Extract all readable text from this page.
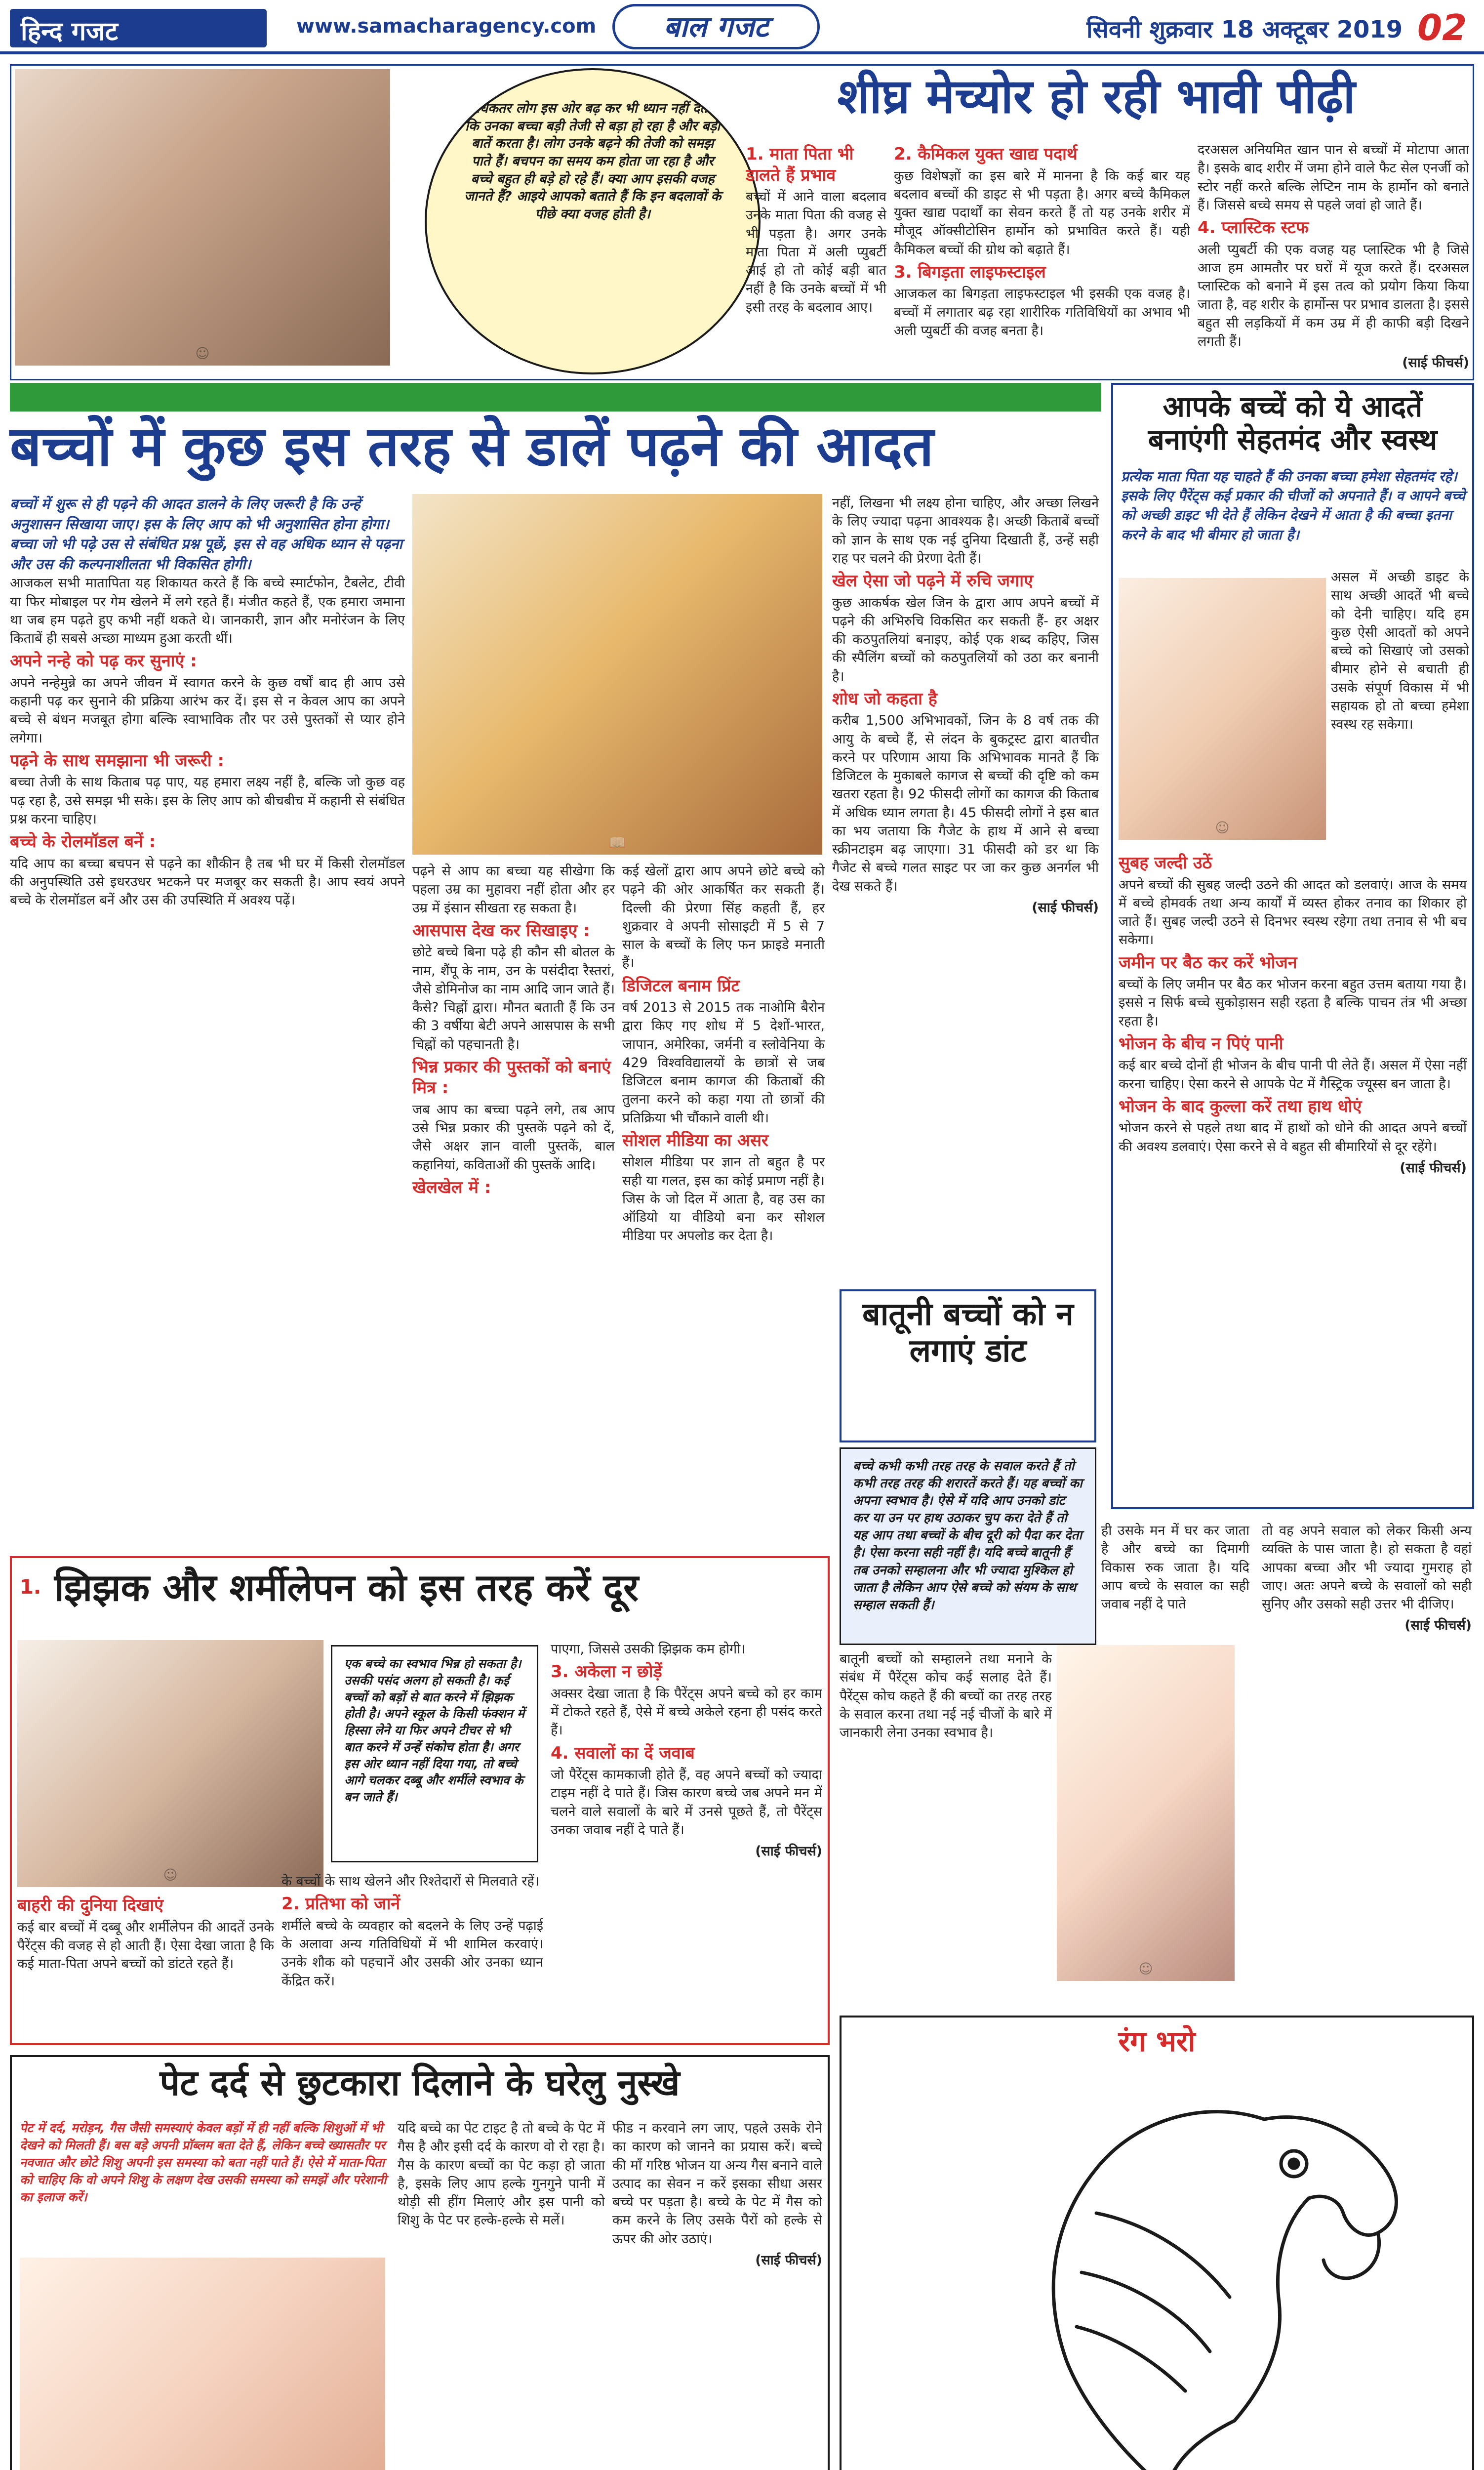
हिन्द गजट	www.samacharagency.com	बाल गजट	सिवनी शुक्रवार 18 अक्टूबर 2019 02
☺
अधिकतर लोग इस ओर बढ़ कर भी ध्यान नहीं देते हैं कि उनका बच्चा बड़ी तेजी से बड़ा हो रहा है और बड़ी बातें करता है। लोग उनके बढ़ने की तेजी को समझ पाते हैं। बचपन का समय कम होता जा रहा है और बच्चे बहुत ही बड़े हो रहे हैं। क्या आप इसकी वजह जानते हैं? आइये आपको बताते हैं कि इन बदलावों के पीछे क्या वजह होती है।
शीघ्र मेच्योर हो रही भावी पीढ़ी
1. माता पिता भी डालते हैं प्रभाव
बच्चों में आने वाला बदलाव उनके माता पिता की वजह से भी पड़ता है। अगर उनके माता पिता में अली प्युबर्टी आई हो तो कोई बड़ी बात नहीं है कि उनके बच्चों में भी इसी तरह के बदलाव आए।
2. कैमिकल युक्त खाद्य पदार्थ
कुछ विशेषज्ञों का इस बारे में मानना है कि कई बार यह बदलाव बच्चों की डाइट से भी पड़ता है। अगर बच्चे कैमिकल युक्त खाद्य पदार्थों का सेवन करते हैं तो यह उनके शरीर में मौजूद ऑक्सीटोसिन हार्मोन को प्रभावित करते हैं। यही कैमिकल बच्चों की ग्रोथ को बढ़ाते हैं।
3. बिगड़ता लाइफस्टाइल
आजकल का बिगड़ता लाइफस्टाइल भी इसकी एक वजह है। बच्चों में लगातार बढ़ रहा शारीरिक गतिविधियों का अभाव भी अली प्युबर्टी की वजह बनता है।
दरअसल अनियमित खान पान से बच्चों में मोटापा आता है। इसके बाद शरीर में जमा होने वाले फैट सेल एनर्जी को स्टोर नहीं करते बल्कि लेप्टिन नाम के हार्मोन को बनाते हैं। जिससे बच्चे समय से पहले जवां हो जाते हैं।
4. प्लास्टिक स्टफ
अली प्युबर्टी की एक वजह यह प्लास्टिक भी है जिसे आज हम आमतौर पर घरों में यूज करते हैं। दरअसल प्लास्टिक को बनाने में इस तत्व को प्रयोग किया किया जाता है, वह शरीर के हार्मोन्स पर प्रभाव डालता है। इससे बहुत सी लड़कियों में कम उम्र में ही काफी बड़ी दिखने लगती हैं।
(साई फीचर्स)
बच्चों में कुछ इस तरह से डालें पढ़ने की आदत
बच्चों में शुरू से ही पढ़ने की आदत डालने के लिए जरूरी है कि उन्हें अनुशासन सिखाया जाए। इस के लिए आप को भी अनुशासित होना होगा। बच्चा जो भी पढ़े उस से संबंधित प्रश्न पूछें, इस से वह अधिक ध्यान से पढ़ना और उस की कल्पनाशीलता भी विकसित होगी।
आजकल सभी मातापिता यह शिकायत करते हैं कि बच्चे स्मार्टफोन, टैबलेट, टीवी या फिर मोबाइल पर गेम खेलने में लगे रहते हैं। मंजीत कहते हैं, एक हमारा जमाना था जब हम पढ़ते हुए कभी नहीं थकते थे। जानकारी, ज्ञान और मनोरंजन के लिए किताबें ही सबसे अच्छा माध्यम हुआ करती थीं।
अपने नन्हे को पढ़ कर सुनाएं :
अपने नन्हेमुन्ने का अपने जीवन में स्वागत करने के कुछ वर्षों बाद ही आप उसे कहानी पढ़ कर सुनाने की प्रक्रिया आरंभ कर दें। इस से न केवल आप का अपने बच्चे से बंधन मजबूत होगा बल्कि स्वाभाविक तौर पर उसे पुस्तकों से प्यार होने लगेगा।
पढ़ने के साथ समझाना भी जरूरी :
बच्चा तेजी के साथ किताब पढ़ पाए, यह हमारा लक्ष्य नहीं है, बल्कि जो कुछ वह पढ़ रहा है, उसे समझ भी सके। इस के लिए आप को बीचबीच में कहानी से संबंधित प्रश्न करना चाहिए।
बच्चे के रोलमॉडल बनें :
यदि आप का बच्चा बचपन से पढ़ने का शौकीन है तब भी घर में किसी रोलमॉडल की अनुपस्थिति उसे इधरउधर भटकने पर मजबूर कर सकती है। आप स्वयं अपने बच्चे के रोलमॉडल बनें और उस की उपस्थिति में अवश्य पढ़ें।
📖
पढ़ने से आप का बच्चा यह सीखेगा कि पहला उम्र का मुहावरा नहीं होता और हर उम्र में इंसान सीखता रह सकता है।
आसपास देख कर सिखाइए :
छोटे बच्चे बिना पढ़े ही कौन सी बोतल के नाम, शैंपू के नाम, उन के पसंदीदा रैस्तरां, जैसे डोमिनोज का नाम आदि जान जाते हैं। कैसे? चिह्नों द्वारा। मौनत बताती हैं कि उन की 3 वर्षीया बेटी अपने आसपास के सभी चिह्नों को पहचानती है।
भिन्न प्रकार की पुस्तकों को बनाएं मित्र :
जब आप का बच्चा पढ़ने लगे, तब आप उसे भिन्न प्रकार की पुस्तकें पढ़ने को दें, जैसे अक्षर ज्ञान वाली पुस्तकें, बाल कहानियां, कविताओं की पुस्तकें आदि।
खेलखेल में :
कई खेलों द्वारा आप अपने छोटे बच्चे को पढ़ने की ओर आकर्षित कर सकती हैं। दिल्ली की प्रेरणा सिंह कहती हैं, हर शुक्रवार वे अपनी सोसाइटी में 5 से 7 साल के बच्चों के लिए फन फ्राइडे मनाती हैं।
डिजिटल बनाम प्रिंट
वर्ष 2013 से 2015 तक नाओमि बैरोन द्वारा किए गए शोध में 5 देशों-भारत, जापान, अमेरिका, जर्मनी व स्लोवेनिया के 429 विश्वविद्यालयों के छात्रों से जब डिजिटल बनाम कागज की किताबों की तुलना करने को कहा गया तो छात्रों की प्रतिक्रिया भी चौंकाने वाली थी।
सोशल मीडिया का असर
सोशल मीडिया पर ज्ञान तो बहुत है पर सही या गलत, इस का कोई प्रमाण नहीं है। जिस के जो दिल में आता है, वह उस का ऑडियो या वीडियो बना कर सोशल मीडिया पर अपलोड कर देता है।
नहीं, लिखना भी लक्ष्य होना चाहिए, और अच्छा लिखने के लिए ज्यादा पढ़ना आवश्यक है। अच्छी किताबें बच्चों को ज्ञान के साथ एक नई दुनिया दिखाती हैं, उन्हें सही राह पर चलने की प्रेरणा देती हैं।
खेल ऐसा जो पढ़ने में रुचि जगाए
कुछ आकर्षक खेल जिन के द्वारा आप अपने बच्चों में पढ़ने की अभिरुचि विकसित कर सकती हैं- हर अक्षर की कठपुतलियां बनाइए, कोई एक शब्द कहिए, जिस की स्पैलिंग बच्चों को कठपुतलियों को उठा कर बनानी है।
शोध जो कहता है
करीब 1,500 अभिभावकों, जिन के 8 वर्ष तक की आयु के बच्चे हैं, से लंदन के बुकट्रस्ट द्वारा बातचीत करने पर परिणाम आया कि अभिभावक मानते हैं कि डिजिटल के मुकाबले कागज से बच्चों की दृष्टि को कम खतरा रहता है। 92 फीसदी लोगों का कागज की किताब में अधिक ध्यान लगता है। 45 फीसदी लोगों ने इस बात का भय जताया कि गैजेट के हाथ में आने से बच्चा स्क्रीनटाइम बढ़ जाएगा। 31 फीसदी को डर था कि गैजेट से बच्चे गलत साइट पर जा कर कुछ अनर्गल भी देख सकते हैं।
(साई फीचर्स)
आपके बच्चें को ये आदतें बनाएंगी सेहतमंद और स्वस्थ
प्रत्येक माता पिता यह चाहते हैं की उनका बच्चा हमेशा सेहतमंद रहे। इसके लिए पैरेंट्स कई प्रकार की चीजों को अपनाते हैं। व आपने बच्चे को अच्छी डाइट भी देते हैं लेकिन देखने में आता है की बच्चा इतना करने के बाद भी बीमार हो जाता है।
☺
असल में अच्छी डाइट के साथ अच्छी आदतें भी बच्चे को देनी चाहिए। यदि हम कुछ ऐसी आदतों को अपने बच्चे को सिखाएं जो उसको बीमार होने से बचाती ही उसके संपूर्ण विकास में भी सहायक हो तो बच्चा हमेशा स्वस्थ रह सकेगा।
सुबह जल्दी उठें
अपने बच्चों की सुबह जल्दी उठने की आदत को डलवाएं। आज के समय में बच्चे होमवर्क तथा अन्य कार्यों में व्यस्त होकर तनाव का शिकार हो जाते हैं। सुबह जल्दी उठने से दिनभर स्वस्थ रहेगा तथा तनाव से भी बच सकेगा।
जमीन पर बैठ कर करें भोजन
बच्चों के लिए जमीन पर बैठ कर भोजन करना बहुत उत्तम बताया गया है। इससे न सिर्फ बच्चे सुकोड़ासन सही रहता है बल्कि पाचन तंत्र भी अच्छा रहता है।
भोजन के बीच न पिएं पानी
कई बार बच्चे दोनों ही भोजन के बीच पानी पी लेते हैं। असल में ऐसा नहीं करना चाहिए। ऐसा करने से आपके पेट में गैस्ट्रिक ज्यूस्स बन जाता है।
भोजन के बाद कुल्ला करें तथा हाथ धोएं
भोजन करने से पहले तथा बाद में हाथों को धोने की आदत अपने बच्चों की अवश्य डलवाएं। ऐसा करने से वे बहुत सी बीमारियों से दूर रहेंगे।
(साई फीचर्स)
बातूनी बच्चों को न लगाएं डांट
बच्चे कभी कभी तरह तरह के सवाल करते हैं तो कभी तरह तरह की शरारतें करते हैं। यह बच्चों का अपना स्वभाव है। ऐसे में यदि आप उनको डांट कर या उन पर हाथ उठाकर चुप करा देते हैं तो यह आप तथा बच्चों के बीच दूरी को पैदा कर देता है। ऐसा करना सही नहीं है। यदि बच्चे बातूनी हैं तब उनको सम्हालना और भी ज्यादा मुश्किल हो जाता है लेकिन आप ऐसे बच्चे को संयम के साथ सम्हाल सकती हैं।
बातूनी बच्चों को सम्हालने तथा मनाने के संबंध में पैरेंट्स कोच कई सलाह देते हैं। पैरेंट्स कोच कहते हैं की बच्चों का तरह तरह के सवाल करना तथा नई नई चीजों के बारे में जानकारी लेना उनका स्वभाव है।
☺
ही उसके मन में घर कर जाता है और बच्चे का दिमागी विकास रुक जाता है। यदि आप बच्चे के सवाल का सही जवाब नहीं दे पाते
तो वह अपने सवाल को लेकर किसी अन्य व्यक्ति के पास जाता है। हो सकता है वहां आपका बच्चा और भी ज्यादा गुमराह हो जाए। अतः अपने बच्चे के सवालों को सही सुनिए और उसको सही उत्तर भी दीजिए।
(साई फीचर्स)
1. झिझक और शर्मीलेपन को इस तरह करें दूर
☺
एक बच्चे का स्वभाव भिन्न हो सकता है। उसकी पसंद अलग हो सकती है। कई बच्चों को बड़ों से बात करने में झिझक होती है। अपने स्कूल के किसी फंक्शन में हिस्सा लेने या फिर अपने टीचर से भी बात करने में उन्हें संकोच होता है। अगर इस ओर ध्यान नहीं दिया गया, तो बच्चे आगे चलकर दब्बू और शर्मीले स्वभाव के बन जाते हैं।
बाहरी की दुनिया दिखाएं
कई बार बच्चों में दब्बू और शर्मीलेपन की आदतें उनके पैरेंट्स की वजह से हो आती हैं। ऐसा देखा जाता है कि कई माता-पिता अपने बच्चों को डांटते रहते हैं।
के बच्चों के साथ खेलने और रिश्तेदारों से मिलवाते रहें।
2. प्रतिभा को जानें
शर्मीले बच्चे के व्यवहार को बदलने के लिए उन्हें पढ़ाई के अलावा अन्य गतिविधियों में भी शामिल करवाएं। उनके शौक को पहचानें और उसकी ओर उनका ध्यान केंद्रित करें।
पाएगा, जिससे उसकी झिझक कम होगी।
3. अकेला न छोड़ें
अक्सर देखा जाता है कि पैरेंट्स अपने बच्चे को हर काम में टोकते रहते हैं, ऐसे में बच्चे अकेले रहना ही पसंद करते हैं।
4. सवालों का दें जवाब
जो पैरेंट्स कामकाजी होते हैं, वह अपने बच्चों को ज्यादा टाइम नहीं दे पाते हैं। जिस कारण बच्चे जब अपने मन में चलने वाले सवालों के बारे में उनसे पूछते हैं, तो पैरेंट्स उनका जवाब नहीं दे पाते हैं।
(साई फीचर्स)
पेट दर्द से छुटकारा दिलाने के घरेलु नुस्खे
पेट में दर्द, मरोड़न, गैस जैसी समस्याएं केवल बड़ों में ही नहीं बल्कि शिशुओं में भी देखने को मिलती हैं। बस बड़े अपनी प्रॉब्लम बता देते हैं, लेकिन बच्चे ख्यासतौर पर नवजात और छोटे शिशु अपनी इस समस्या को बता नहीं पाते हैं। ऐसे में माता-पिता को चाहिए कि वो अपने शिशु के लक्षण देख उसकी समस्या को समझें और परेशानी का इलाज करें।
यदि बच्चे का पेट टाइट है तो बच्चे के पेट में गैस है और इसी दर्द के कारण वो रो रहा है। गैस के कारण बच्चों का पेट कड़ा हो जाता है, इसके लिए आप हल्के गुनगुने पानी में थोड़ी सी हींग मिलाएं और इस पानी को शिशु के पेट पर हल्के-हल्के से मलें।
फीड न करवाने लग जाए, पहले उसके रोने का कारण को जानने का प्रयास करें। बच्चे की माँ गरिष्ठ भोजन या अन्य गैस बनाने वाले उत्पाद का सेवन न करें इसका सीधा असर बच्चे पर पड़ता है। बच्चे के पेट में गैस को कम करने के लिए उसके पैरों को हल्के से ऊपर की ओर उठाएं।
(साई फीचर्स)
रंग भरो
